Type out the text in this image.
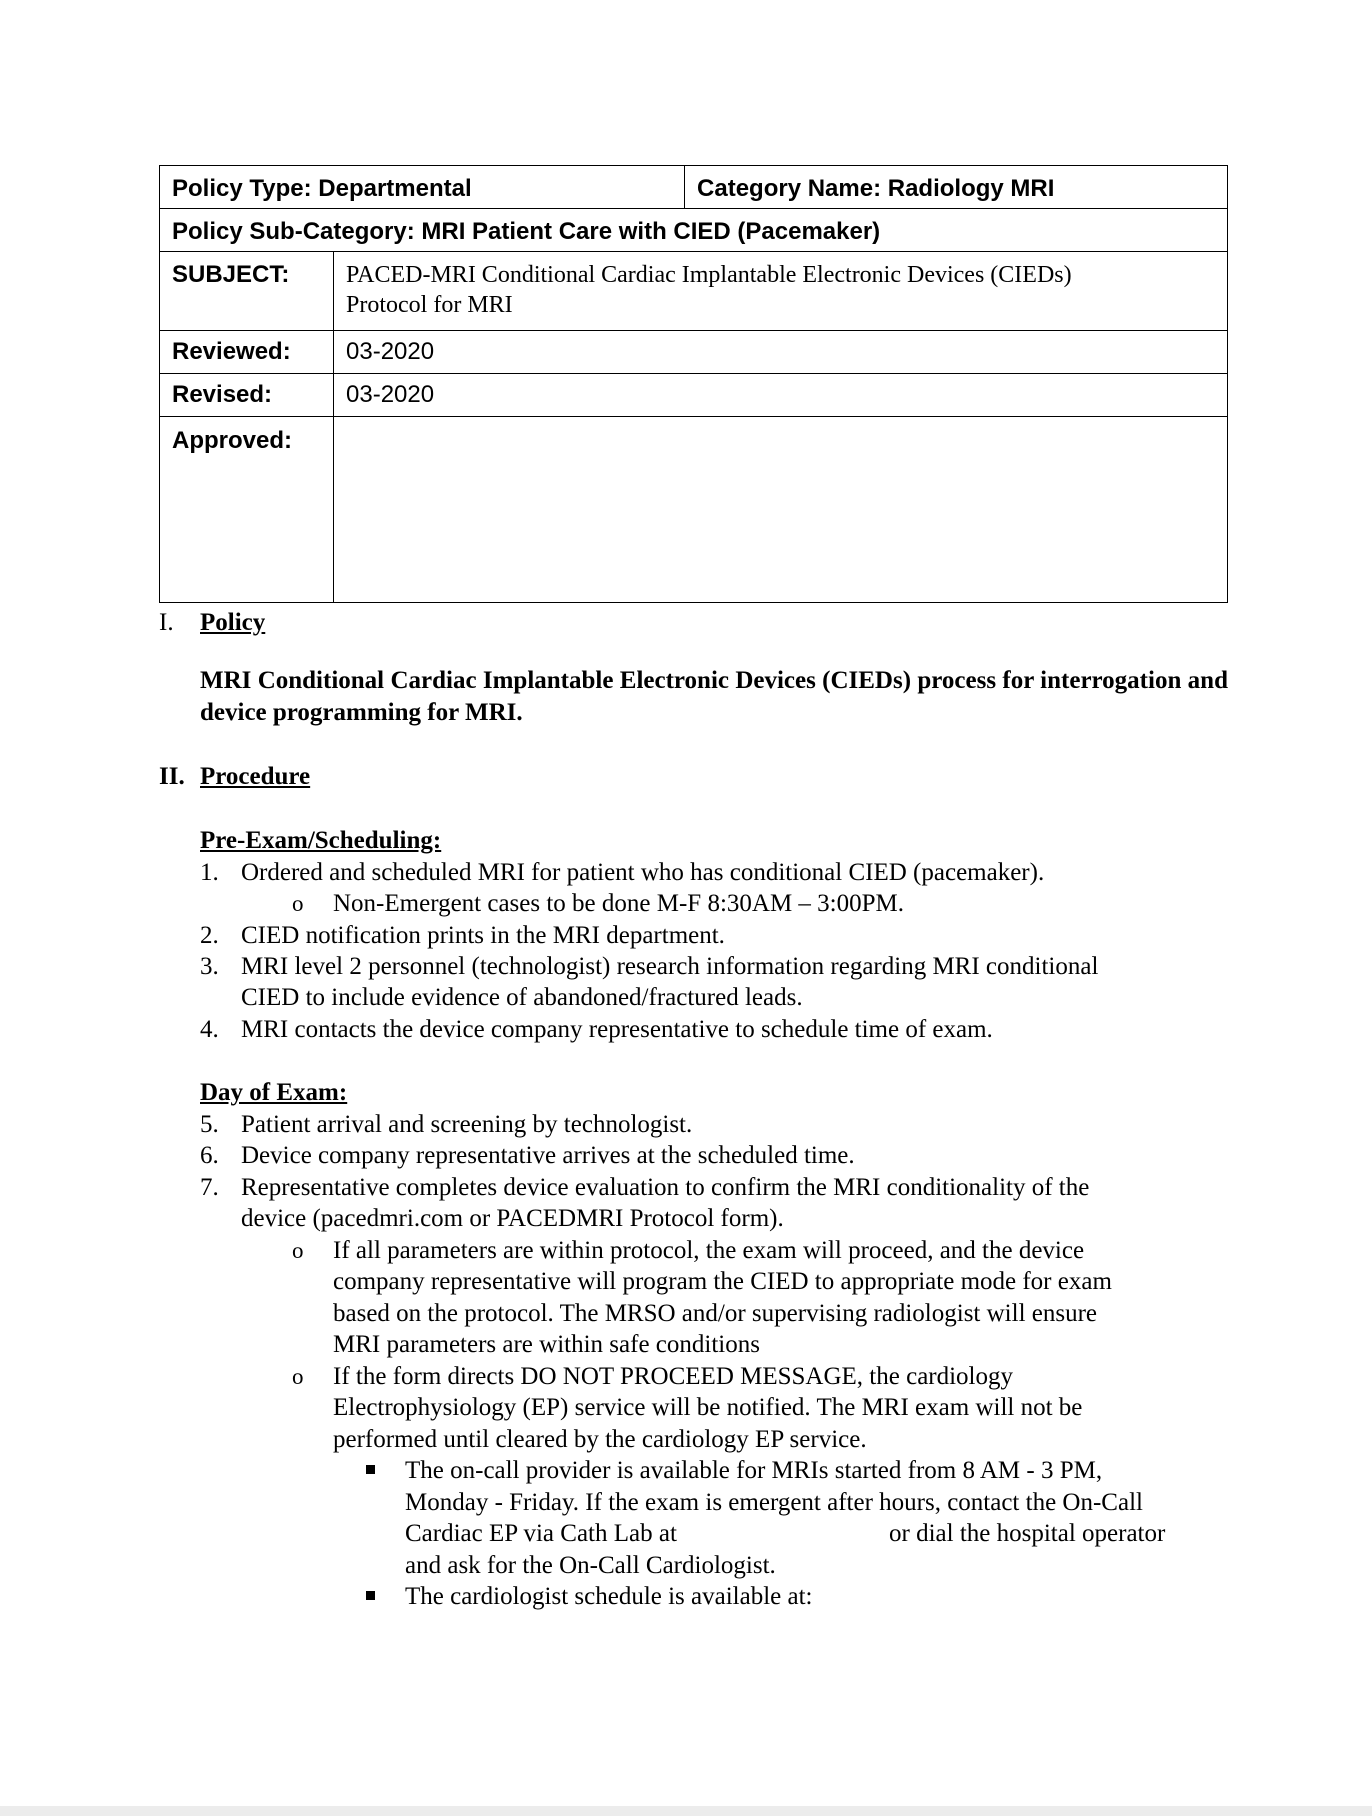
Policy Type: Departmental		Category Name: Radiology MRI
Policy Sub-Category: MRI Patient Care with CIED (Pacemaker)		
SUBJECT:	PACED-MRI Conditional Cardiac Implantable Electronic Devices (CIEDs)
Protocol for MRI	

Reviewed:	03-2020	
Revised:	03-2020	
Approved:		
I. Policy
MRI Conditional Cardiac Implantable Electronic Devices (CIEDs) process for interrogation and device programming for MRI.
II. Procedure
Pre-Exam/Scheduling:
1. Ordered and scheduled MRI for patient who has conditional CIED (pacemaker).
o Non-Emergent cases to be done M-F 8:30AM – 3:00PM.
2. CIED notification prints in the MRI department.
3. MRI level 2 personnel (technologist) research information regarding MRI conditional
CIED to include evidence of abandoned/fractured leads.
4. MRI contacts the device company representative to schedule time of exam.
Day of Exam:
5. Patient arrival and screening by technologist.
6. Device company representative arrives at the scheduled time.
7. Representative completes device evaluation to confirm the MRI conditionality of the
device (pacedmri.com or PACEDMRI Protocol form).
o If all parameters are within protocol, the exam will proceed, and the device
company representative will program the CIED to appropriate mode for exam
based on the protocol. The MRSO and/or supervising radiologist will ensure
MRI parameters are within safe conditions
o If the form directs DO NOT PROCEED MESSAGE, the cardiology
Electrophysiology (EP) service will be notified. The MRI exam will not be
performed until cleared by the cardiology EP service.
The on-call provider is available for MRIs started from 8 AM - 3 PM,
Monday - Friday. If the exam is emergent after hours, contact the On-Call
Cardiac EP via Cath Lab at	or dial the hospital operator
and ask for the On-Call Cardiologist.
The cardiologist schedule is available at:
